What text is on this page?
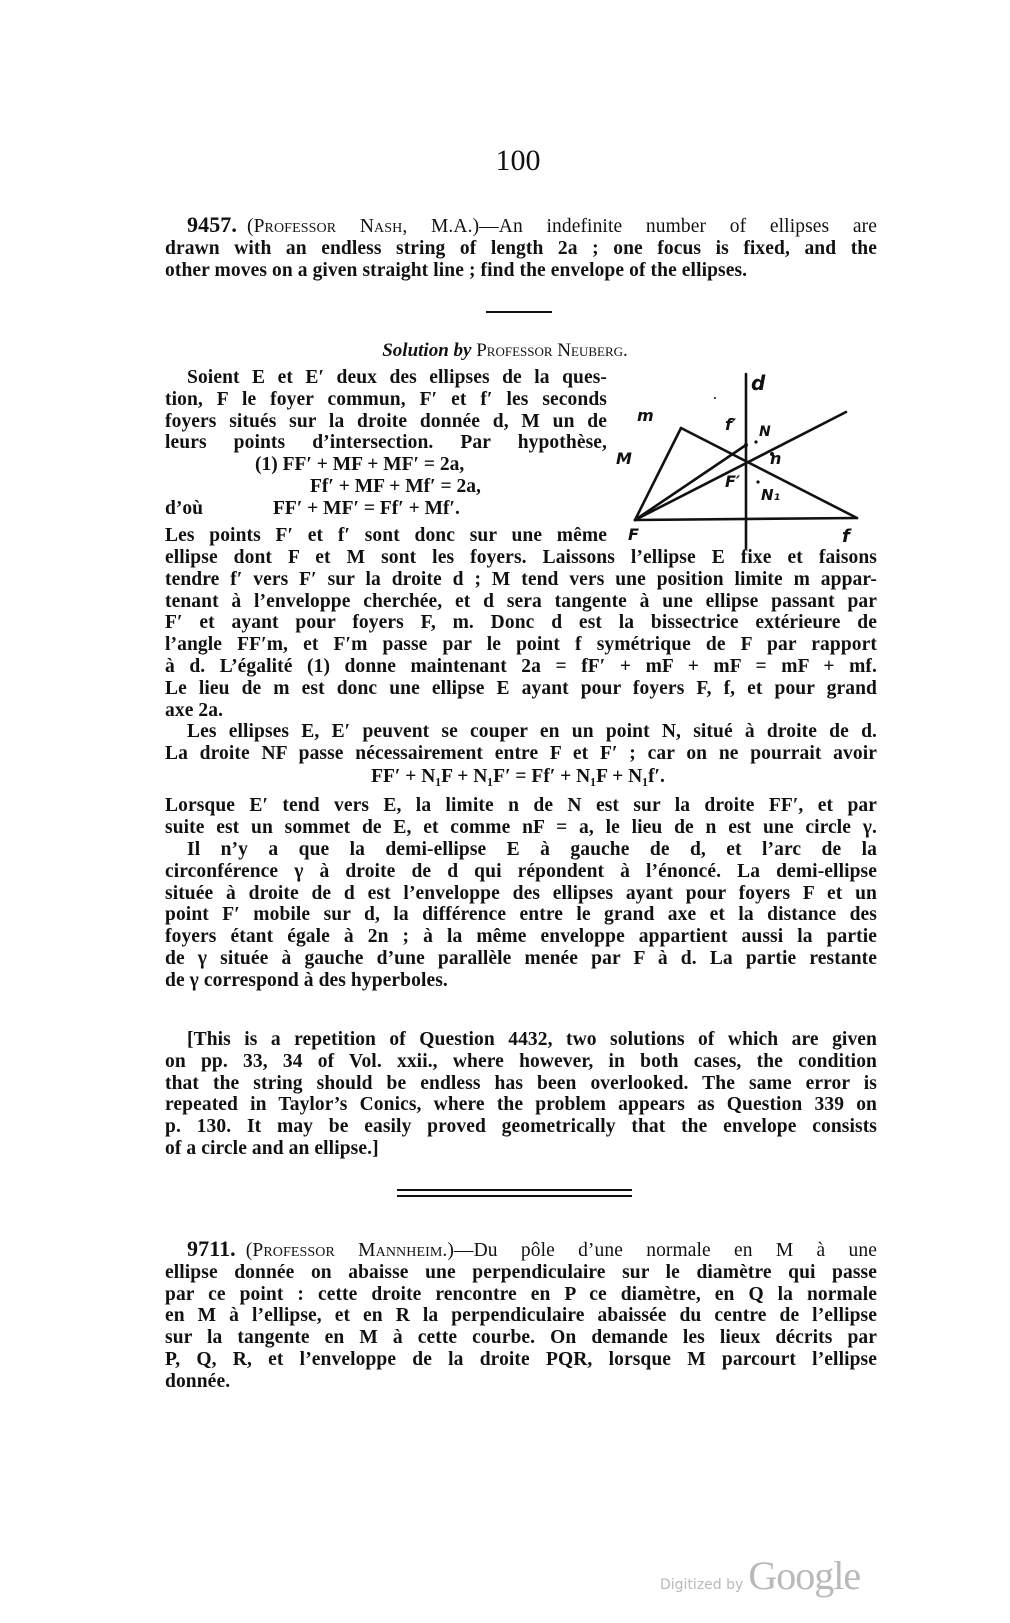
100
9457. (Professor Nash, M.A.)—An indefinite number of ellipses are
drawn with an endless string of length 2a ; one focus is fixed, and the
other moves on a given straight line ; find the envelope of the ellipses.
Solution by Professor Neuberg.
Soient E et E′ deux des ellipses de la ques-
tion, F le foyer commun, F′ et f′ les seconds
foyers situés sur la droite donnée d, M un de
leurs points d’intersection. Par hypothèse,
(1) FF′ + MF + MF′ = 2a,
Ff′ + MF + Mf′ = 2a,
d’où	FF′ + MF′ = Ff′ + Mf′.
Les points F′ et f′ sont donc sur une même
d
m
M
f′ N
n
F′
N₁
F	f
ellipse dont F et M sont les foyers. Laissons l’ellipse E fixe et faisons
tendre f′ vers F′ sur la droite d ; M tend vers une position limite m appar-
tenant à l’enveloppe cherchée, et d sera tangente à une ellipse passant par
F′ et ayant pour foyers F, m. Donc d est la bissectrice extérieure de
l’angle FF′m, et F′m passe par le point f symétrique de F par rapport
à d. L’égalité (1) donne maintenant 2a = fF′ + mF + mF = mF + mf.
Le lieu de m est donc une ellipse E ayant pour foyers F, f, et pour grand
axe 2a.
Les ellipses E, E′ peuvent se couper en un point N, situé à droite de d.
La droite NF passe nécessairement entre F et F′ ; car on ne pourrait avoir
FF′ + N₁F + N₁F′ = Ff′ + N₁F + N₁f′.
Lorsque E′ tend vers E, la limite n de N est sur la droite FF′, et par
suite est un sommet de E, et comme nF = a, le lieu de n est une circle γ.
Il n’y a que la demi-ellipse E à gauche de d, et l’arc de la
circonférence γ à droite de d qui répondent à l’énoncé. La demi-ellipse
située à droite de d est l’enveloppe des ellipses ayant pour foyers F et un
point F′ mobile sur d, la différence entre le grand axe et la distance des
foyers étant égale à 2n ; à la même enveloppe appartient aussi la partie
de γ située à gauche d’une parallèle menée par F à d. La partie restante
de γ correspond à des hyperboles.
[This is a repetition of Question 4432, two solutions of which are given
on pp. 33, 34 of Vol. xxii., where however, in both cases, the condition
that the string should be endless has been overlooked. The same error is
repeated in Taylor’s Conics, where the problem appears as Question 339 on
p. 130. It may be easily proved geometrically that the envelope consists
of a circle and an ellipse.]
9711. (Professor Mannheim.)—Du pôle d’une normale en M à une
ellipse donnée on abaisse une perpendiculaire sur le diamètre qui passe
par ce point : cette droite rencontre en P ce diamètre, en Q la normale
en M à l’ellipse, et en R la perpendiculaire abaissée du centre de l’ellipse
sur la tangente en M à cette courbe. On demande les lieux décrits par
P, Q, R, et l’enveloppe de la droite PQR, lorsque M parcourt l’ellipse
donnée.
Digitized by Google
